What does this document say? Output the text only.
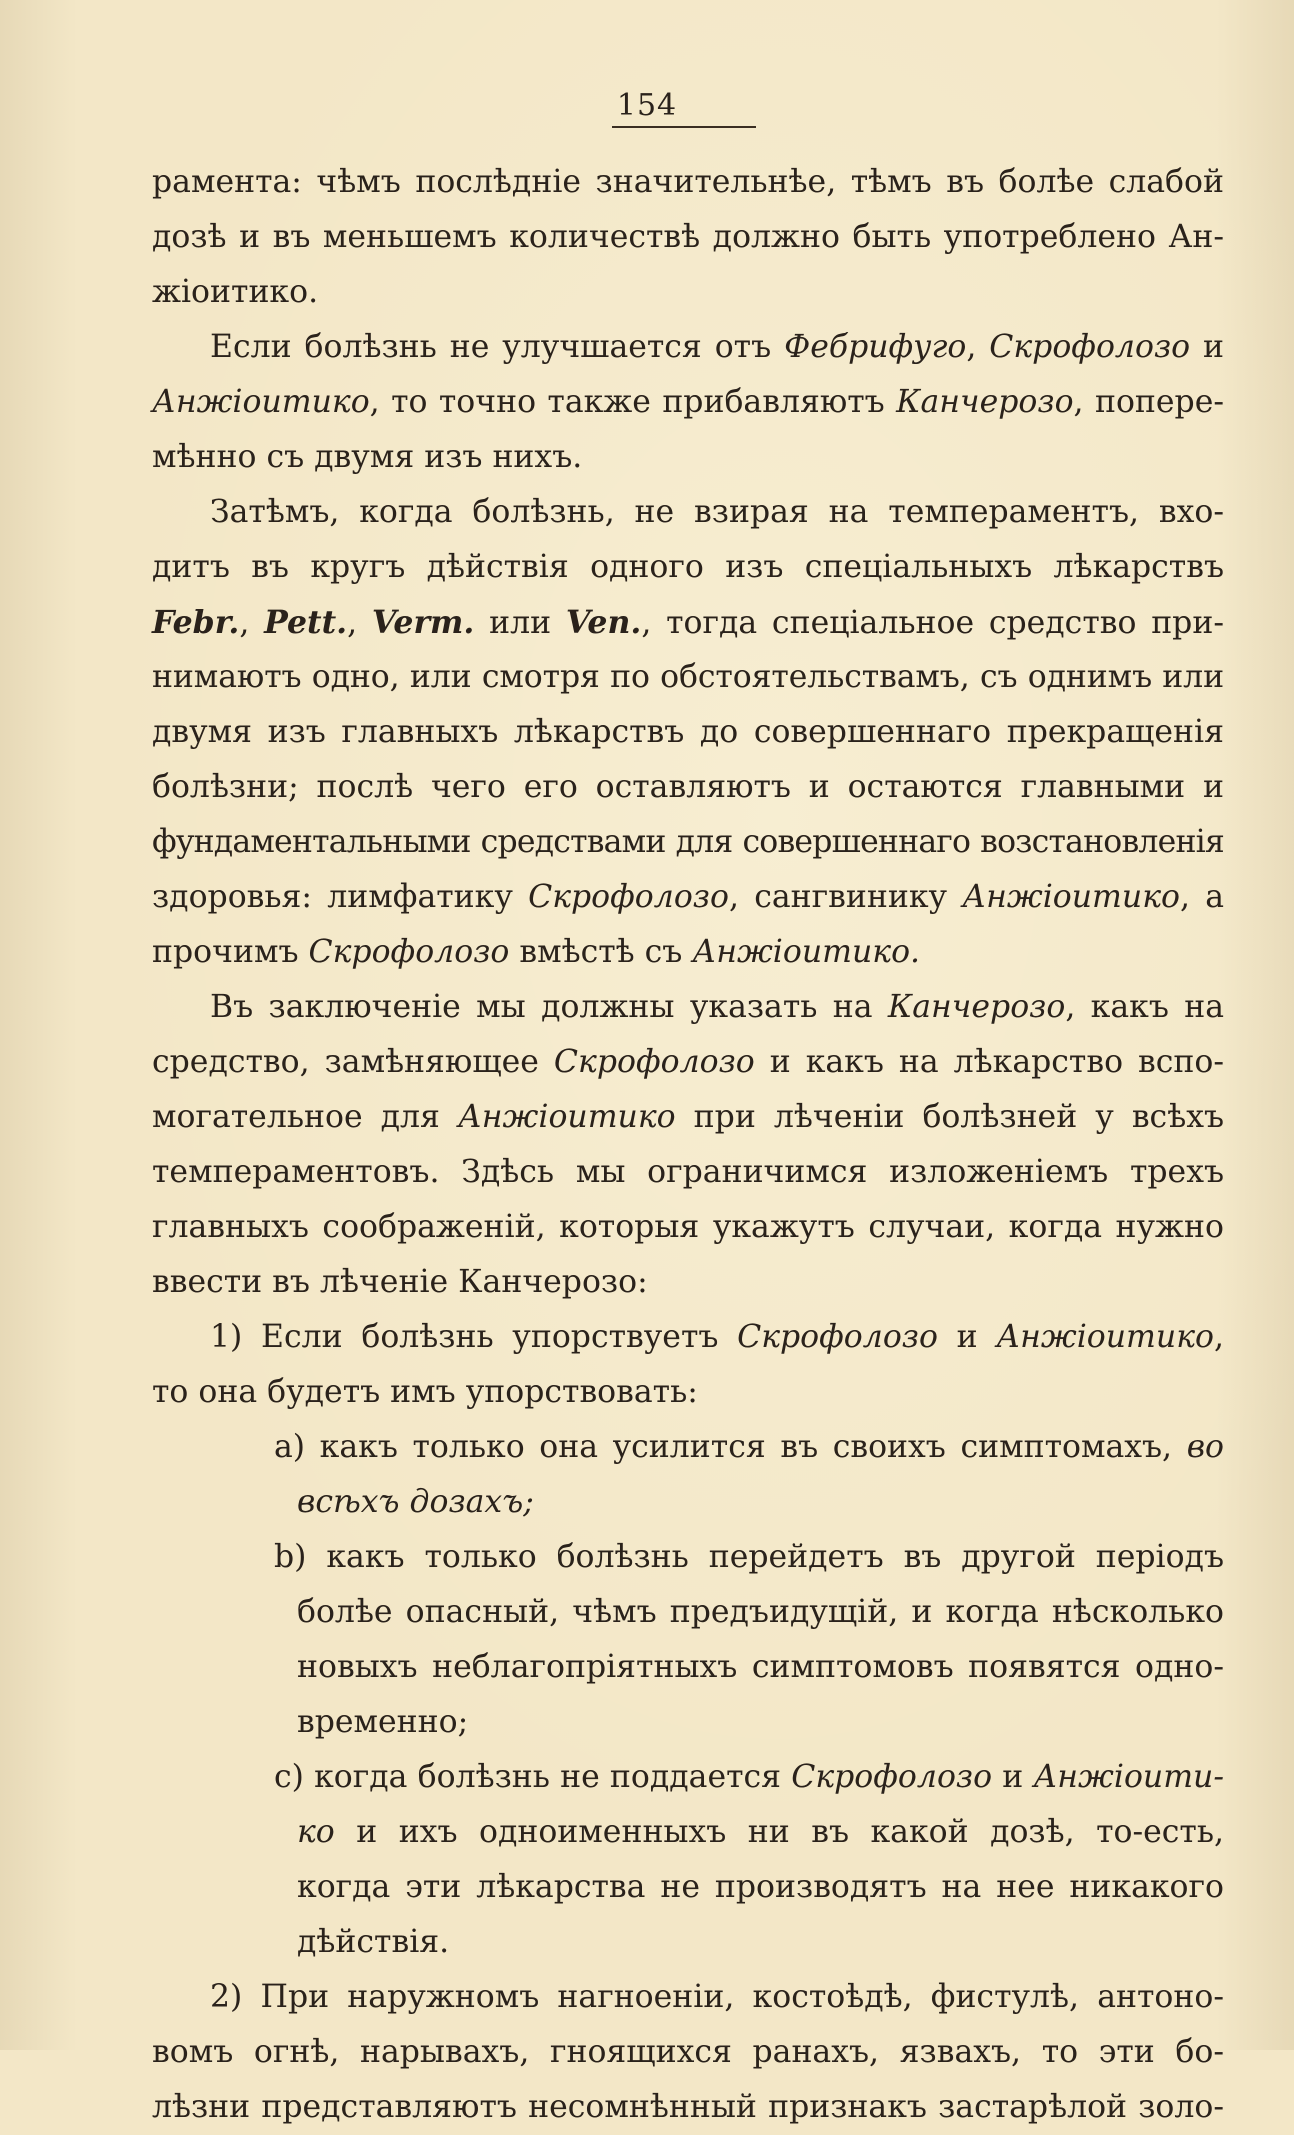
154
рамента: чѣмъ послѣдніе значительнѣе, тѣмъ въ болѣе слабой
дозѣ и въ меньшемъ количествѣ должно быть употреблено Ан-
жіоитико.
Если болѣзнь не улучшается отъ Фебрифуго, Скрофолозо и
Анжіоитико, то точно также прибавляютъ Канчерозо, попере-
мѣнно съ двумя изъ нихъ.
Затѣмъ, когда болѣзнь, не взирая на темпераментъ, вхо-
дитъ въ кругъ дѣйствія одного изъ спеціальныхъ лѣкарствъ
Febr., Pett., Verm. или Ven., тогда спеціальное средство при-
нимаютъ одно, или смотря по обстоятельствамъ, съ однимъ или
двумя изъ главныхъ лѣкарствъ до совершеннаго прекращенія
болѣзни; послѣ чего его оставляютъ и остаются главными и
фундаментальными средствами для совершеннаго возстановленія
здоровья: лимфатику Скрофолозо, сангвинику Анжіоитико, а
прочимъ Скрофолозо вмѣстѣ съ Анжіоитико.
Въ заключеніе мы должны указать на Канчерозо, какъ на
средство, замѣняющее Скрофолозо и какъ на лѣкарство вспо-
могательное для Анжіоитико при лѣченіи болѣзней у всѣхъ
темпераментовъ. Здѣсь мы ограничимся изложеніемъ трехъ
главныхъ соображеній, которыя укажутъ случаи, когда нужно
ввести въ лѣченіе Канчерозо:
1) Если болѣзнь упорствуетъ Скрофолозо и Анжіоитико,
то она будетъ имъ упорствовать:
a) какъ только она усилится въ своихъ симптомахъ, во
всѣхъ дозахъ;
b) какъ только болѣзнь перейдетъ въ другой періодъ
болѣе опасный, чѣмъ предъидущій, и когда нѣсколько
новыхъ неблагопріятныхъ симптомовъ появятся одно-
временно;
c) когда болѣзнь не поддается Скрофолозо и Анжіоити-
ко и ихъ одноименныхъ ни въ какой дозѣ, то-есть,
когда эти лѣкарства не производятъ на нее никакого
дѣйствія.
2) При наружномъ нагноеніи, костоѣдѣ, фистулѣ, антоно-
вомъ огнѣ, нарывахъ, гноящихся ранахъ, язвахъ, то эти бо-
лѣзни представляютъ несомнѣнный признакъ застарѣлой золо-
